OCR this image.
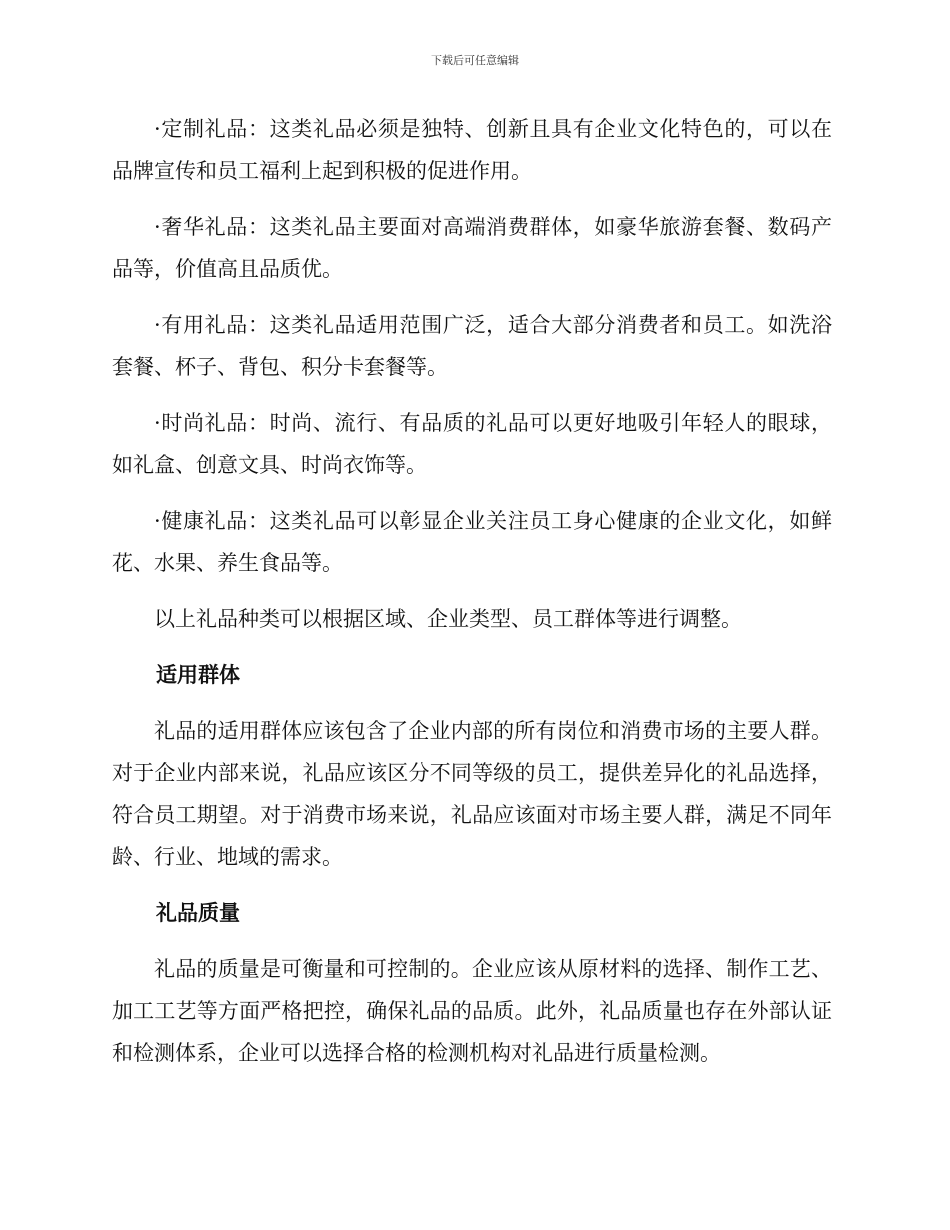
下载后可任意编辑

·定制礼品：这类礼品必须是独特、创新且具有企业文化特色的，可以在品牌宣传和员工福利上起到积极的促进作用。

·奢华礼品：这类礼品主要面对高端消费群体，如豪华旅游套餐、数码产品等，价值高且品质优。

·有用礼品：这类礼品适用范围广泛，适合大部分消费者和员工。如洗浴套餐、杯子、背包、积分卡套餐等。

·时尚礼品：时尚、流行、有品质的礼品可以更好地吸引年轻人的眼球，如礼盒、创意文具、时尚衣饰等。

·健康礼品：这类礼品可以彰显企业关注员工身心健康的企业文化，如鲜花、水果、养生食品等。

以上礼品种类可以根据区域、企业类型、员工群体等进行调整。

适用群体

礼品的适用群体应该包含了企业内部的所有岗位和消费市场的主要人群。对于企业内部来说，礼品应该区分不同等级的员工，提供差异化的礼品选择，符合员工期望。对于消费市场来说，礼品应该面对市场主要人群，满足不同年龄、行业、地域的需求。

礼品质量

礼品的质量是可衡量和可控制的。企业应该从原材料的选择、制作工艺、加工工艺等方面严格把控，确保礼品的品质。此外，礼品质量也存在外部认证和检测体系，企业可以选择合格的检测机构对礼品进行质量检测。
